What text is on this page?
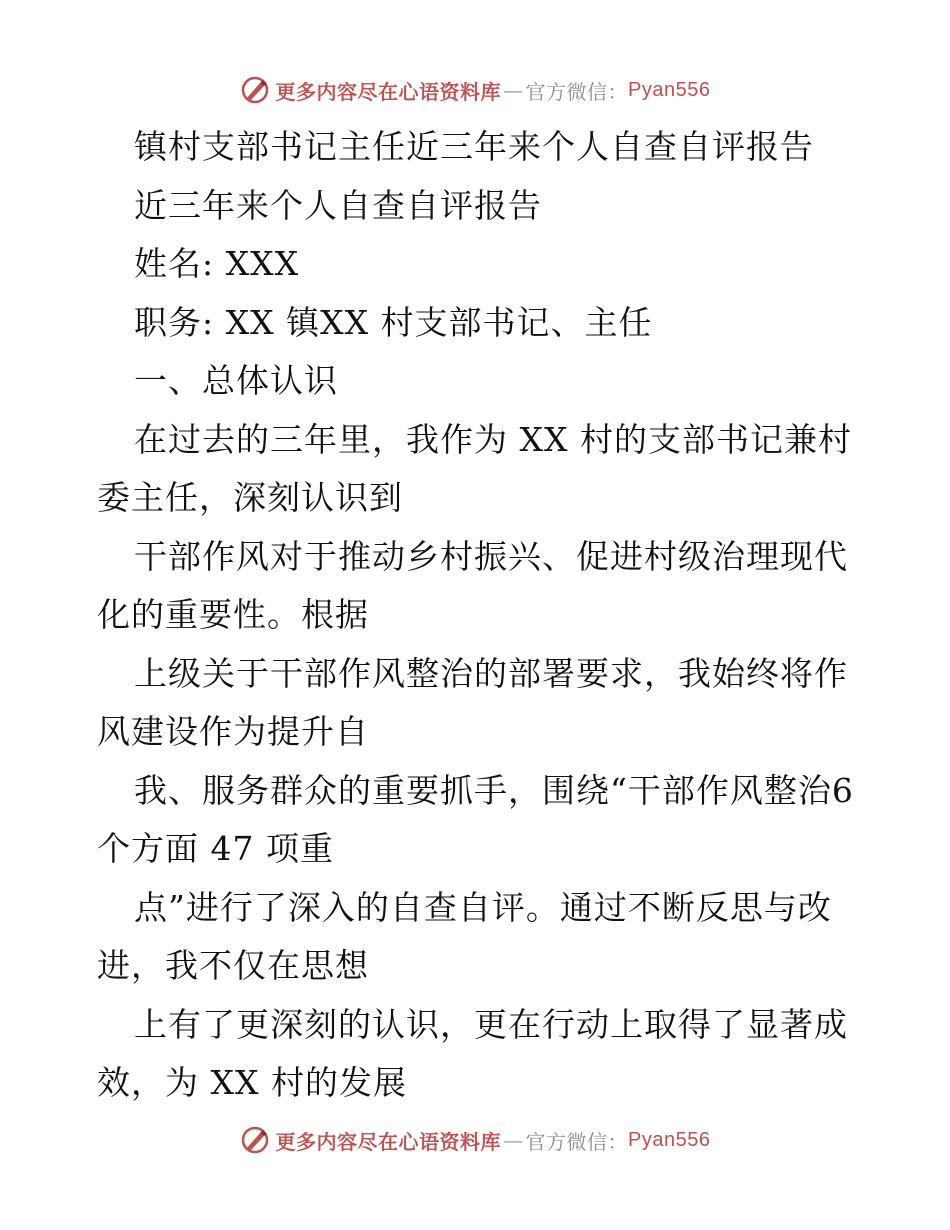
更多内容尽在心语资料库 — 官方微信： Pyan556

镇村支部书记主任近三年来个人自查自评报告

近三年来个人自查自评报告

姓名: XXX

职务: XX 镇XX 村支部书记、主任

一、总体认识

在过去的三年里，我作为 XX 村的支部书记兼村委主任，深刻认识到

干部作风对于推动乡村振兴、促进村级治理现代化的重要性。根据

上级关于干部作风整治的部署要求，我始终将作风建设作为提升自

我、服务群众的重要抓手，围绕“干部作风整治6个方面 47 项重

点”进行了深入的自查自评。通过不断反思与改进，我不仅在思想

上有了更深刻的认识，更在行动上取得了显著成效，为 XX 村的发展

更多内容尽在心语资料库 — 官方微信： Pyan556
